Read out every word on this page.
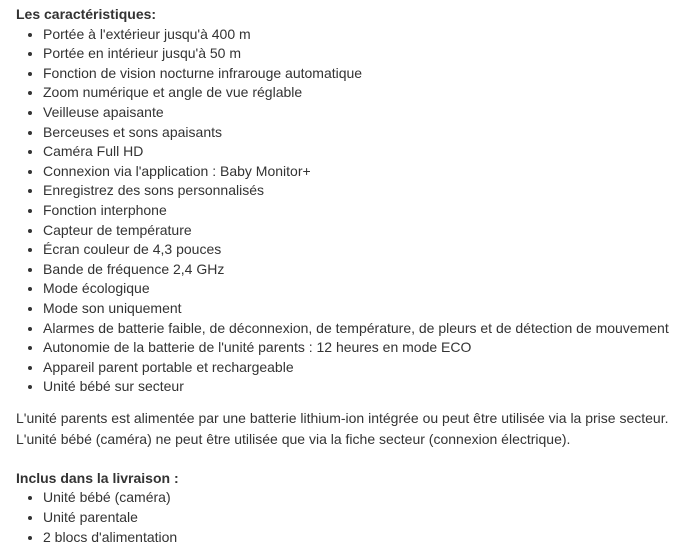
Les caractéristiques:
• Portée à l'extérieur jusqu'à 400 m
• Portée en intérieur jusqu'à 50 m
• Fonction de vision nocturne infrarouge automatique
• Zoom numérique et angle de vue réglable
• Veilleuse apaisante
• Berceuses et sons apaisants
• Caméra Full HD
• Connexion via l'application : Baby Monitor+
• Enregistrez des sons personnalisés
• Fonction interphone
• Capteur de température
• Écran couleur de 4,3 pouces
• Bande de fréquence 2,4 GHz
• Mode écologique
• Mode son uniquement
• Alarmes de batterie faible, de déconnexion, de température, de pleurs et de détection de mouvement
• Autonomie de la batterie de l'unité parents : 12 heures en mode ECO
• Appareil parent portable et rechargeable
• Unité bébé sur secteur

L'unité parents est alimentée par une batterie lithium-ion intégrée ou peut être utilisée via la prise secteur.

L'unité bébé (caméra) ne peut être utilisée que via la fiche secteur (connexion électrique).

Inclus dans la livraison :
• Unité bébé (caméra)
• Unité parentale
• 2 blocs d'alimentation
